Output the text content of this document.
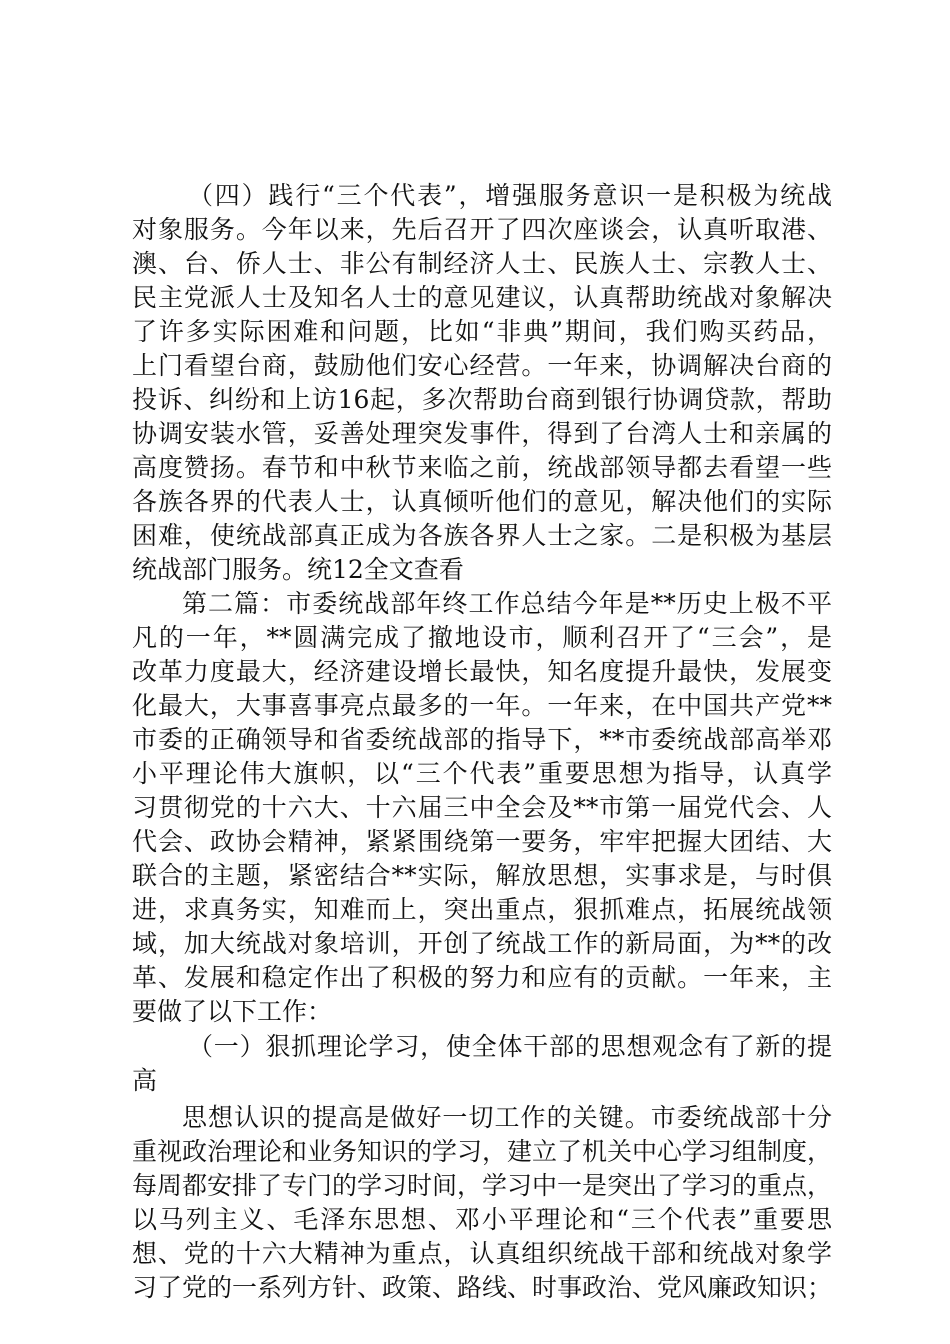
（四）践行“三个代表”，增强服务意识一是积极为统战
对象服务。今年以来，先后召开了四次座谈会，认真听取港、
澳、台、侨人士、非公有制经济人士、民族人士、宗教人士、
民主党派人士及知名人士的意见建议，认真帮助统战对象解决
了许多实际困难和问题，比如“非典”期间，我们购买药品，
上门看望台商，鼓励他们安心经营。一年来，协调解决台商的
投诉、纠纷和上访16起，多次帮助台商到银行协调贷款，帮助
协调安装水管，妥善处理突发事件，得到了台湾人士和亲属的
高度赞扬。春节和中秋节来临之前，统战部领导都去看望一些
各族各界的代表人士，认真倾听他们的意见，解决他们的实际
困难，使统战部真正成为各族各界人士之家。二是积极为基层
统战部门服务。统12全文查看
第二篇：市委统战部年终工作总结今年是**历史上极不平
凡的一年，**圆满完成了撤地设市，顺利召开了“三会”，是
改革力度最大，经济建设增长最快，知名度提升最快，发展变
化最大，大事喜事亮点最多的一年。一年来，在中国共产党**
市委的正确领导和省委统战部的指导下，**市委统战部高举邓
小平理论伟大旗帜，以“三个代表”重要思想为指导，认真学
习贯彻党的十六大、十六届三中全会及**市第一届党代会、人
代会、政协会精神，紧紧围绕第一要务，牢牢把握大团结、大
联合的主题，紧密结合**实际，解放思想，实事求是，与时俱
进，求真务实，知难而上，突出重点，狠抓难点，拓展统战领
域，加大统战对象培训，开创了统战工作的新局面，为**的改
革、发展和稳定作出了积极的努力和应有的贡献。一年来，主
要做了以下工作：
（一）狠抓理论学习，使全体干部的思想观念有了新的提
高
思想认识的提高是做好一切工作的关键。市委统战部十分
重视政治理论和业务知识的学习，建立了机关中心学习组制度，
每周都安排了专门的学习时间，学习中一是突出了学习的重点，
以马列主义、毛泽东思想、邓小平理论和“三个代表”重要思
想、党的十六大精神为重点，认真组织统战干部和统战对象学
习了党的一系列方针、政策、路线、时事政治、党风廉政知识；
